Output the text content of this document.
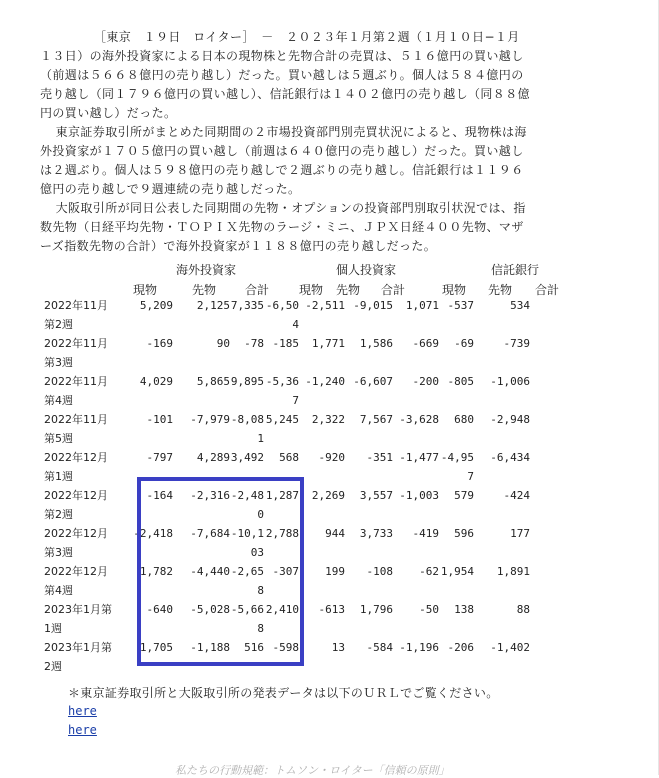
［東京　１９日　ロイター］　－　２０２３年１月第２週（１月１０日−１月１３日）の海外投資家による日本の現物株と先物合計の売買は、５１６億円の買い越し（前週は５６６８億円の売り越し）だった。買い越しは５週ぶり。個人は５８４億円の売り越し（同１７９６億円の買い越し）、信託銀行は１４０２億円の売り越し（同８８億円の買い越し）だった。

東京証券取引所がまとめた同期間の２市場投資部門別売買状況によると、現物株は海外投資家が１７０５億円の買い越し（前週は６４０億円の売り越し）だった。買い越しは２週ぶり。個人は５９８億円の売り越しで２週ぶりの売り越し。信託銀行は１１９６億円の売り越しで９週連続の売り越しだった。

大阪取引所が同日公表した同期間の先物・オプションの投資部門別取引状況では、指数先物（日経平均先物・ＴＯＰＩＸ先物のラージ・ミニ、ＪＰＸ日経４００先物、マザーズ指数先物の合計）で海外投資家が１１８８億円の売り越しだった。

海外投資家	個人投資家	信託銀行
現物	先物 合計 現物 先物 合計	現物 先物 合計
2022年11月第2週	5,209	2,125	7,335	-6,504	-2,511	-9,015	1,071	-537	534
2022年11月第3週	-169	90	-78	-185	1,771	1,586	-669	-69	-739
2022年11月第4週	4,029	5,865	9,895	-5,367	-1,240	-6,607	-200	-805	-1,006
2022年11月第5週	-101	-7,979	-8,081	5,245	2,322	7,567	-3,628	680	-2,948
2022年12月第1週	-797	4,289	3,492	568	-920	-351	-1,477	-4,957	-6,434
2022年12月第2週	-164	-2,316	-2,480	1,287	2,269	3,557	-1,003	579	-424
2022年12月第3週	-2,418	-7,684	-10,103	2,788	944	3,733	-419	596	177
2022年12月第4週	1,782	-4,440	-2,658	-307	199	-108	-62	1,954	1,891
2023年1月第1週	-640	-5,028	-5,668	2,410	-613	1,796	-50	138	88
2023年1月第2週	1,705	-1,188	516	-598	13	-584	-1,196	-206	-1,402
＊東京証券取引所と大阪取引所の発表データは以下のＵＲＬでご覧ください。
here
here
私たちの行動規範：トムソン・ロイター「信頼の原則」
